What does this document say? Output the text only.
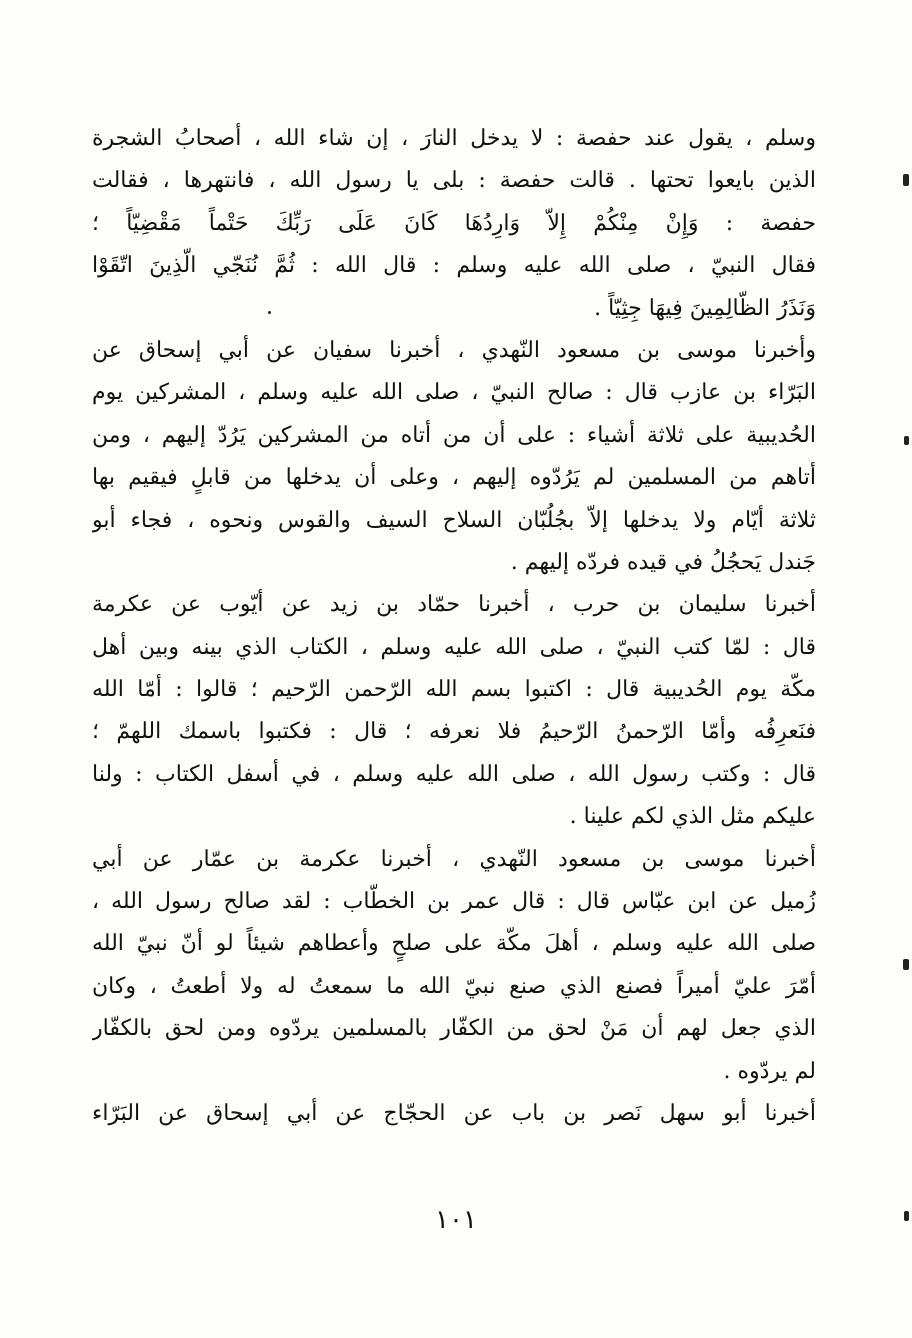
وسلم ، يقول عند حفصة : لا يدخل النارَ ، إن شاء الله ، أصحابُ الشجرة
الذين بايعوا تحتها . قالت حفصة : بلى يا رسول الله ، فانتهرها ، فقالت
حفصة : وَإِنْ مِنْكُمْ إِلاّ وَارِدُهَا كَانَ عَلَى رَبِّكَ حَتْماً مَقْضِيّاً ؛
فقال النبيّ ، صلى الله عليه وسلم : قال الله : ثُمَّ نُنَجّي الّذِينَ اتّقَوْا
وَنَذَرُ الظّالِمِينَ فِيهَا جِثِيّاً .
وأخبرنا موسى بن مسعود النّهدي ، أخبرنا سفيان عن أبي إسحاق عن
البَرّاء بن عازب قال : صالح النبيّ ، صلى الله عليه وسلم ، المشركين يوم
الحُديبية على ثلاثة أشياء : على أن من أتاه من المشركين يَرُدّ إليهم ، ومن
أتاهم من المسلمين لم يَرُدّوه إليهم ، وعلى أن يدخلها من قابلٍ فيقيم بها
ثلاثة أيّام ولا يدخلها إلاّ بجُلُبّان السلاح السيف والقوس ونحوه ، فجاء أبو
جَندل يَحجُلُ في قيده فردّه إليهم .
أخبرنا سليمان بن حرب ، أخبرنا حمّاد بن زيد عن أيّوب عن عكرمة
قال : لمّا كتب النبيّ ، صلى الله عليه وسلم ، الكتاب الذي بينه وبين أهل
مكّة يوم الحُديبية قال : اكتبوا بسم الله الرّحمن الرّحيم ؛ قالوا : أمّا الله
فنَعرِفُه وأمّا الرّحمنُ الرّحيمُ فلا نعرفه ؛ قال : فكتبوا باسمك اللهمّ ؛
قال : وكتب رسول الله ، صلى الله عليه وسلم ، في أسفل الكتاب : ولنا
عليكم مثل الذي لكم علينا .
أخبرنا موسى بن مسعود النّهدي ، أخبرنا عكرمة بن عمّار عن أبي
زُميل عن ابن عبّاس قال : قال عمر بن الخطّاب : لقد صالح رسول الله ،
صلى الله عليه وسلم ، أهلَ مكّة على صلحٍ وأعطاهم شيئاً لو أنّ نبيّ الله
أمّرَ عليّ أميراً فصنع الذي صنع نبيّ الله ما سمعتُ له ولا أطعتُ ، وكان
الذي جعل لهم أن مَنْ لحق من الكفّار بالمسلمين يردّوه ومن لحق بالكفّار
لم يردّوه .
أخبرنا أبو سهل نَصر بن باب عن الحجّاج عن أبي إسحاق عن البَرّاء
١٠١
